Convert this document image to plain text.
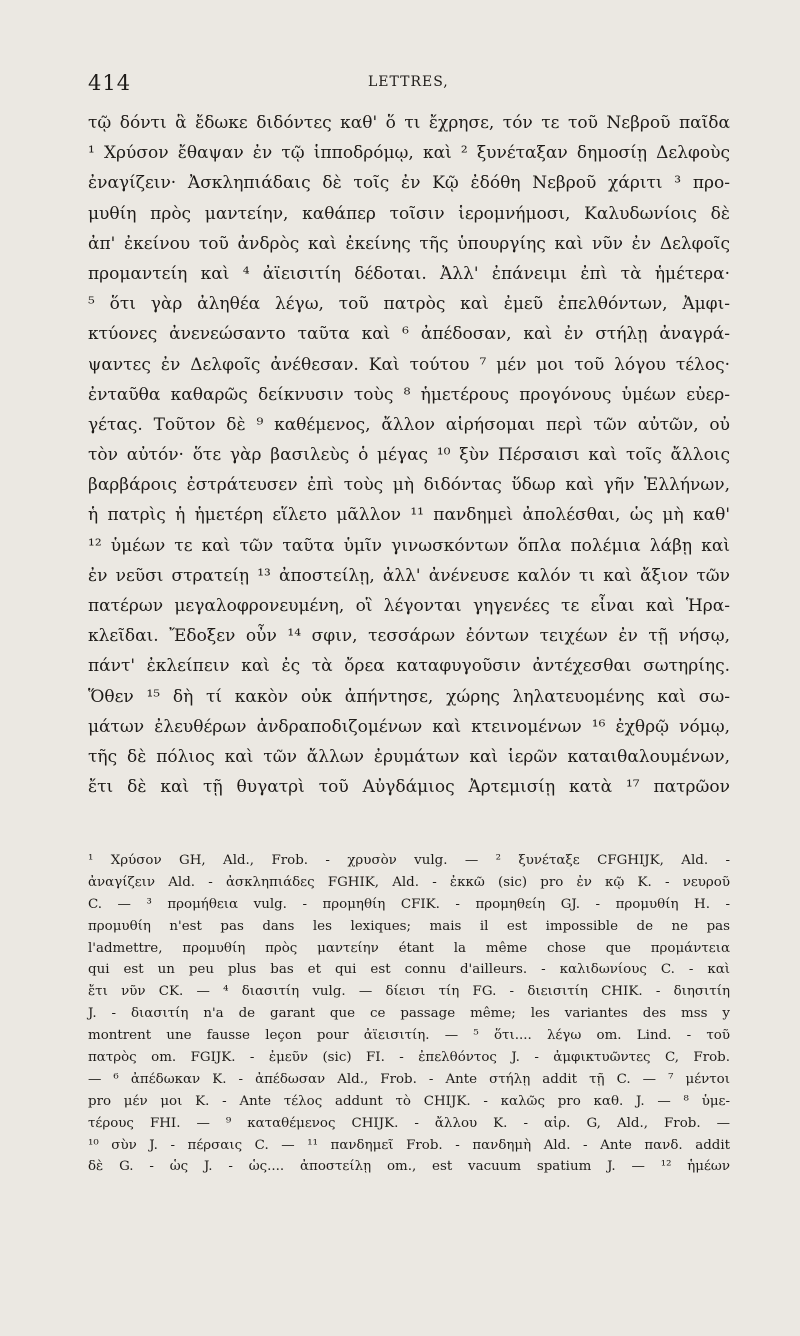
414	LETTRES,
τῷ δόντι ἃ ἔδωκε διδόντες καθ' ὅ τι ἔχρησε, τόν τε τοῦ Νεβροῦ παῖδα
¹ Χρύσον ἔθαψαν ἐν τῷ ἱπποδρόμῳ, καὶ ² ξυνέταξαν δημοσίῃ Δελφοὺς
ἐναγίζειν· Ἀσκληπιάδαις δὲ τοῖς ἐν Κῷ ἐδόθη Νεβροῦ χάριτι ³ προ-
μυθίη πρὸς μαντείην, καθάπερ τοῖσιν ἱερομνήμοσι, Καλυδωνίοις δὲ
ἀπ' ἐκείνου τοῦ ἀνδρὸς καὶ ἐκείνης τῆς ὑπουργίης καὶ νῦν ἐν Δελφοῖς
προμαντείη καὶ ⁴ ἀϊεισιτίη δέδοται. Ἀλλ' ἐπάνειμι ἐπὶ τὰ ἡμέτερα·
⁵ ὅτι γὰρ ἀληθέα λέγω, τοῦ πατρὸς καὶ ἐμεῦ ἐπελθόντων, Ἀμφι-
κτύονες ἀνενεώσαντο ταῦτα καὶ ⁶ ἀπέδοσαν, καὶ ἐν στήλῃ ἀναγρά-
ψαντες ἐν Δελφοῖς ἀνέθεσαν. Καὶ τούτου ⁷ μέν μοι τοῦ λόγου τέλος·
ἐνταῦθα καθαρῶς δείκνυσιν τοὺς ⁸ ἡμετέρους προγόνους ὑμέων εὐερ-
γέτας. Τοῦτον δὲ ⁹ καθέμενος, ἄλλον αἱρήσομαι περὶ τῶν αὐτῶν, οὐ
τὸν αὐτόν· ὅτε γὰρ βασιλεὺς ὁ μέγας ¹⁰ ξὺν Πέρσαισι καὶ τοῖς ἄλλοις
βαρβάροις ἐστράτευσεν ἐπὶ τοὺς μὴ διδόντας ὕδωρ καὶ γῆν Ἑλλήνων,
ἡ πατρὶς ἡ ἡμετέρη εἵλετο μᾶλλον ¹¹ πανδημεὶ ἀπολέσθαι, ὡς μὴ καθ'
¹² ὑμέων τε καὶ τῶν ταῦτα ὑμῖν γινωσκόντων ὅπλα πολέμια λάβῃ καὶ
ἐν νεῦσι στρατείῃ ¹³ ἀποστείλῃ, ἀλλ' ἀνένευσε καλόν τι καὶ ἄξιον τῶν
πατέρων μεγαλοφρονευμένη, οἳ λέγονται γηγενέες τε εἶναι καὶ Ἡρα-
κλεῖδαι. Ἔδοξεν οὖν ¹⁴ σφιν, τεσσάρων ἐόντων τειχέων ἐν τῇ νήσῳ,
πάντ' ἐκλείπειν καὶ ἐς τὰ ὄρεα καταφυγοῦσιν ἀντέχεσθαι σωτηρίης.
Ὅθεν ¹⁵ δὴ τί κακὸν οὐκ ἀπήντησε, χώρης ληλατευομένης καὶ σω-
μάτων ἐλευθέρων ἀνδραποδιζομένων καὶ κτεινομένων ¹⁶ ἐχθρῷ νόμῳ,
τῆς δὲ πόλιος καὶ τῶν ἄλλων ἐρυμάτων καὶ ἱερῶν καταιθαλουμένων,
ἔτι δὲ καὶ τῇ θυγατρὶ τοῦ Αὐγδάμιος Ἀρτεμισίῃ κατὰ ¹⁷ πατρῶον
¹ Χρύσον GH, Ald., Frob. - χρυσὸν vulg. — ² ξυνέταξε CFGHIJK, Ald. -
ἀναγίζειν Ald. - ἀσκληπιάδες FGHIK, Ald. - ἐκκῶ (sic) pro ἐν κῷ K. - νευροῦ
C. — ³ προμήθεια vulg. - προμηθίη CFIK. - προμηθείη GJ. - προμυθίη H. -
προμυθίη n'est pas dans les lexiques; mais il est impossible de ne pas
l'admettre, προμυθίη πρὸς μαντείην étant la même chose que προμάντεια
qui est un peu plus bas et qui est connu d'ailleurs. - καλιδωνίους C. - καὶ
ἔτι νῦν CK. — ⁴ διασιτίη vulg. — δίεισι τίη FG. - διεισιτίη CHIK. - διησιτίη
J. - διασιτίη n'a de garant que ce passage même; les variantes des mss y
montrent une fausse leçon pour ἀϊεισιτίη. — ⁵ ὅτι.... λέγω om. Lind. - τοῦ
πατρὸς om. FGIJK. - ἐμεῦν (sic) FI. - ἐπελθόντος J. - ἀμφικτυῶντες C, Frob.
— ⁶ ἀπέδωκαν K. - ἀπέδωσαν Ald., Frob. - Ante στήλῃ addit τῇ C. — ⁷ μέντοι
pro μέν μοι K. - Ante τέλος addunt τὸ CHIJK. - καλῶς pro καθ. J. — ⁸ ὑμε-
τέρους FHI. — ⁹ καταθέμενος CHIJK. - ἄλλου K. - αἱρ. G, Ald., Frob. —
¹⁰ σὺν J. - πέρσαις C. — ¹¹ πανδημεῖ Frob. - πανδημὴ Ald. - Ante πανδ. addit
δὲ G. - ὡς J. - ὡς.... ἀποστείλῃ om., est vacuum spatium J. — ¹² ἡμέων
